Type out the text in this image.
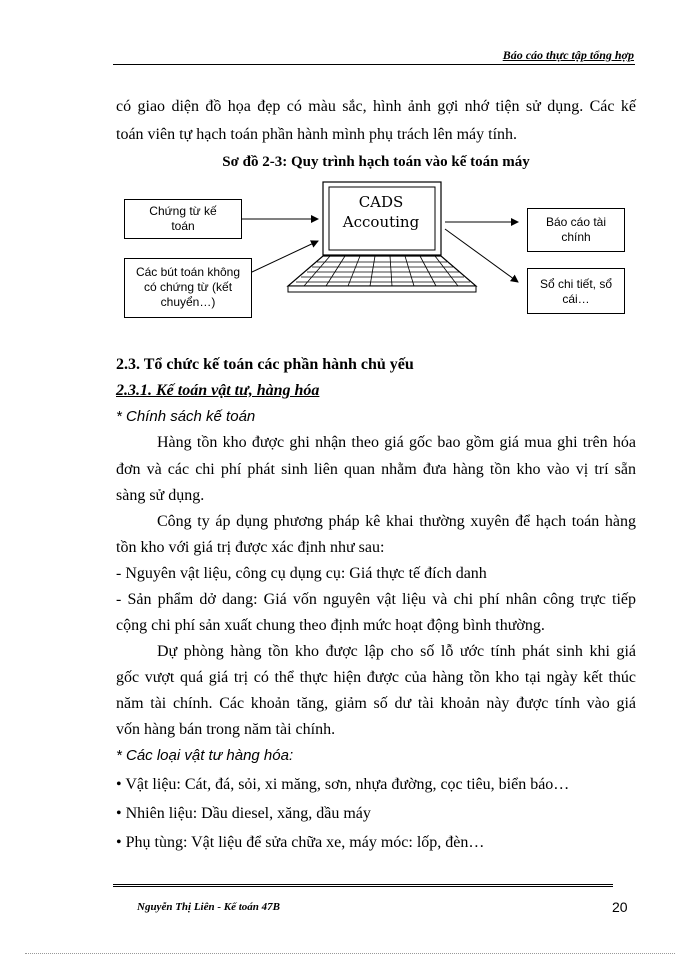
Báo cáo thực tập tổng hợp
có giao diện đồ họa đẹp có màu sắc, hình ảnh gợi nhớ tiện sử dụng. Các kế
toán viên tự hạch toán phần hành mình phụ trách lên máy tính.
Sơ đồ 2-3: Quy trình hạch toán vào kế toán máy
CADS
Accouting
Chứng từ kế
toán
Các bút toán không
có chứng từ (kết
chuyển…)
Báo cáo tài
chính
Sổ chi tiết, sổ
cái…
2.3. Tổ chức kế toán các phần hành chủ yếu
2.3.1. Kế toán vật tư, hàng hóa
* Chính sách kế toán
Hàng tồn kho được ghi nhận theo giá gốc bao gồm giá mua ghi trên hóa
đơn và các chi phí phát sinh liên quan nhằm đưa hàng tồn kho vào vị trí sẵn
sàng sử dụng.
Công ty áp dụng phương pháp kê khai thường xuyên để hạch toán hàng
tồn kho với giá trị được xác định như sau:
- Nguyên vật liệu, công cụ dụng cụ: Giá thực tế đích danh
- Sản phẩm dở dang: Giá vốn nguyên vật liệu và chi phí nhân công trực tiếp
cộng chi phí sản xuất chung theo định mức hoạt động bình thường.
Dự phòng hàng tồn kho được lập cho số lỗ ước tính phát sinh khi giá
gốc vượt quá giá trị có thể thực hiện được của hàng tồn kho tại ngày kết thúc
năm tài chính. Các khoản tăng, giảm số dư tài khoản này được tính vào giá
vốn hàng bán trong năm tài chính.
* Các loại vật tư hàng hóa:
• Vật liệu: Cát, đá, sỏi, xi măng, sơn, nhựa đường, cọc tiêu, biển báo…
• Nhiên liệu: Dầu diesel, xăng, dầu máy
• Phụ tùng: Vật liệu để sửa chữa xe, máy móc: lốp, đèn…
Nguyễn Thị Liên - Kế toán 47B	20
